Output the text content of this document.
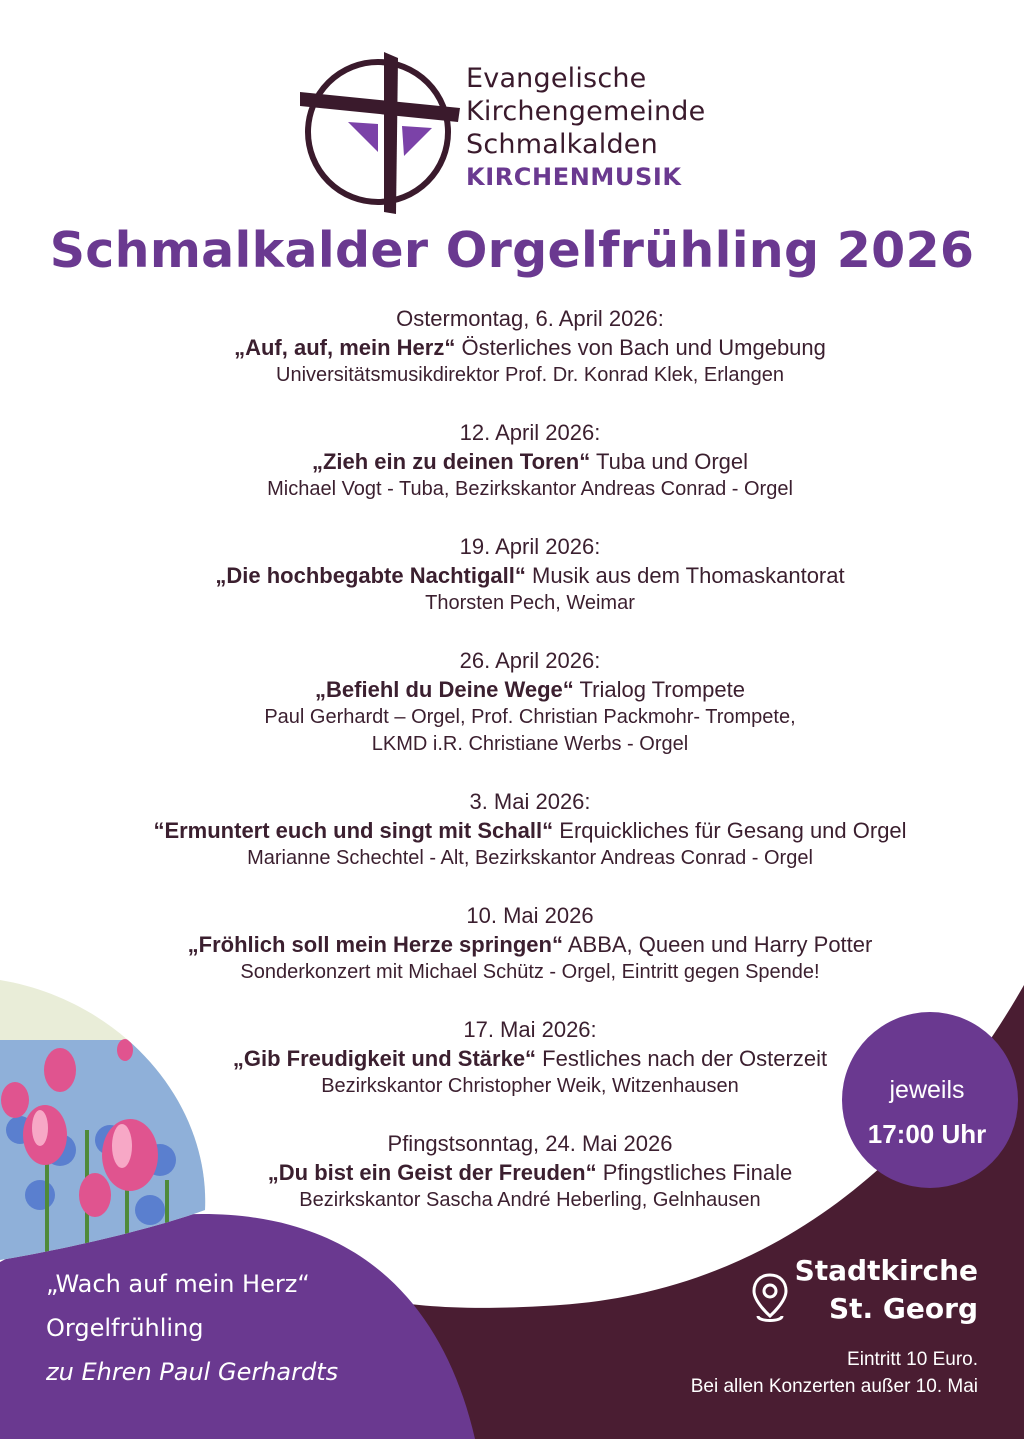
Evangelische
Kirchengemeinde
Schmalkalden
KIRCHENMUSIK
Schmalkalder Orgelfrühling 2026
Ostermontag, 6. April 2026:
„Auf, auf, mein Herz“ Österliches von Bach und Umgebung
Universitätsmusikdirektor Prof. Dr. Konrad Klek, Erlangen
12. April 2026:
„Zieh ein zu deinen Toren“ Tuba und Orgel
Michael Vogt - Tuba, Bezirkskantor Andreas Conrad - Orgel
19. April 2026:
„Die hochbegabte Nachtigall“ Musik aus dem Thomaskantorat
Thorsten Pech, Weimar
26. April 2026:
„Befiehl du Deine Wege“ Trialog Trompete
Paul Gerhardt – Orgel, Prof. Christian Packmohr- Trompete,
LKMD i.R. Christiane Werbs - Orgel
3. Mai 2026:
“Ermuntert euch und singt mit Schall“ Erquickliches für Gesang und Orgel
Marianne Schechtel - Alt, Bezirkskantor Andreas Conrad - Orgel
10. Mai 2026
„Fröhlich soll mein Herze springen“ ABBA, Queen und Harry Potter
Sonderkonzert mit Michael Schütz - Orgel, Eintritt gegen Spende!
17. Mai 2026:
„Gib Freudigkeit und Stärke“ Festliches nach der Osterzeit
Bezirkskantor Christopher Weik, Witzenhausen
Pfingstsonntag, 24. Mai 2026
„Du bist ein Geist der Freuden“ Pfingstliches Finale
Bezirkskantor Sascha André Heberling, Gelnhausen
jeweils
17:00 Uhr
„Wach auf mein Herz“
Orgelfrühling
zu Ehren Paul Gerhardts
Stadtkirche
St. Georg
Eintritt 10 Euro.
Bei allen Konzerten außer 10. Mai
